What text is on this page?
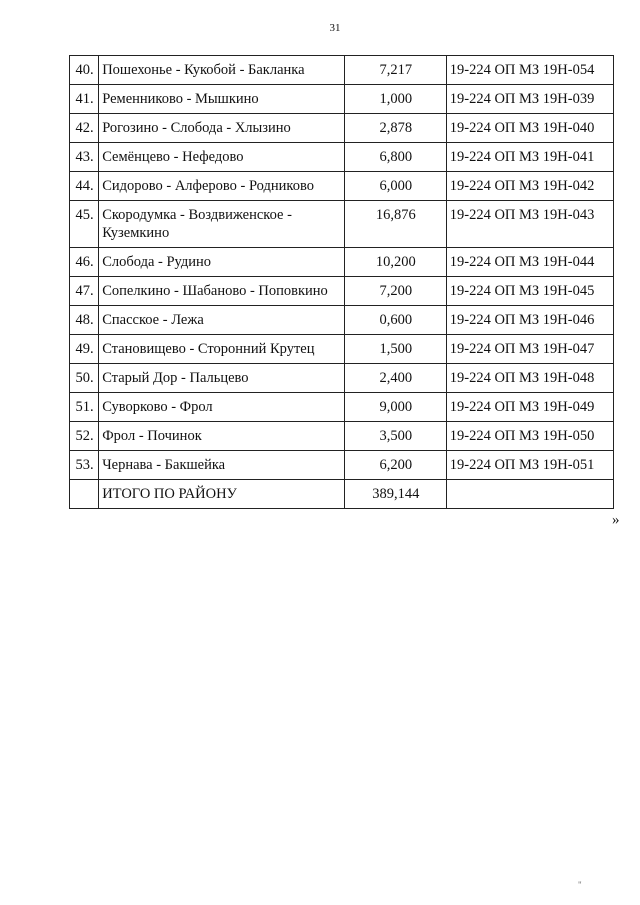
31
40.	Пошехонье - Кукобой - Бакланка	7,217	19-224 ОП МЗ 19Н-054
41.	Ременниково - Мышкино	1,000	19-224 ОП МЗ 19Н-039
42.	Рогозино - Слобода - Хлызино	2,878	19-224 ОП МЗ 19Н-040
43.	Семёнцево - Нефедово	6,800	19-224 ОП МЗ 19Н-041
44.	Сидорово - Алферово - Родниково	6,000	19-224 ОП МЗ 19Н-042
45.	Скородумка - Воздвиженское - Куземкино	16,876	19-224 ОП МЗ 19Н-043
46.	Слобода - Рудино	10,200	19-224 ОП МЗ 19Н-044
47.	Сопелкино - Шабаново - Поповкино	7,200	19-224 ОП МЗ 19Н-045
48.	Спасское - Лежа	0,600	19-224 ОП МЗ 19Н-046
49.	Становищево - Сторонний Крутец	1,500	19-224 ОП МЗ 19Н-047
50.	Старый Дор - Пальцево	2,400	19-224 ОП МЗ 19Н-048
51.	Суворково - Фрол	9,000	19-224 ОП МЗ 19Н-049
52.	Фрол - Починок	3,500	19-224 ОП МЗ 19Н-050
53.	Чернава - Бакшейка	6,200	19-224 ОП МЗ 19Н-051
	ИТОГО ПО РАЙОНУ	389,144	
»
"
